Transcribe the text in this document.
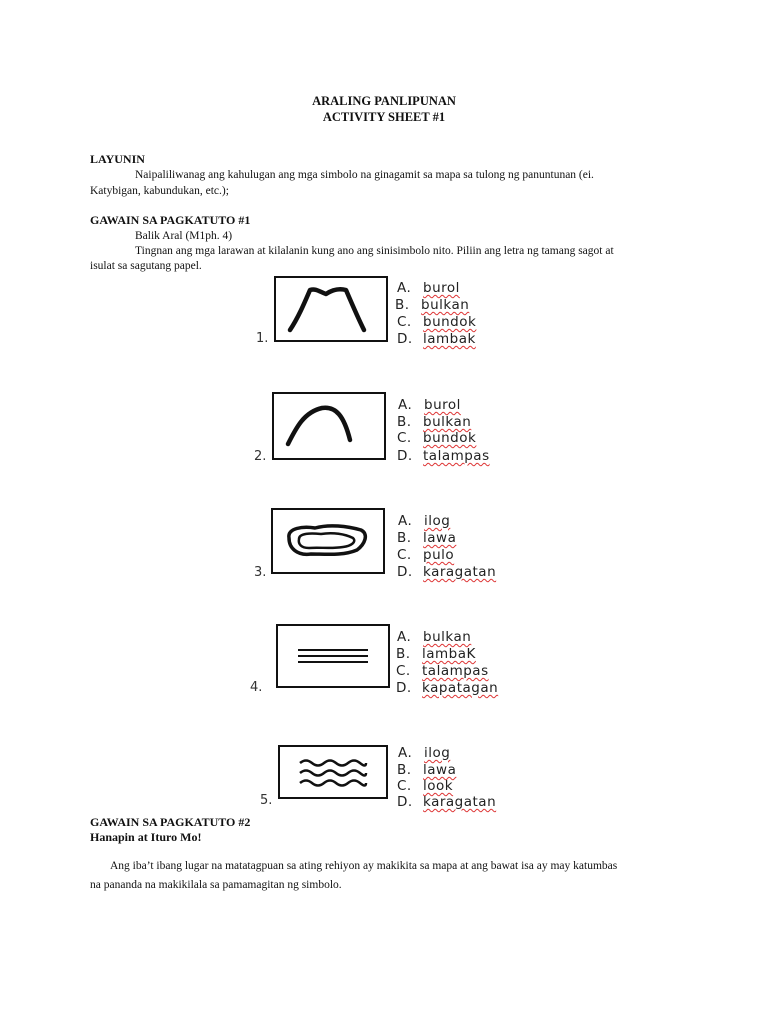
ARALING PANLIPUNAN
ACTIVITY SHEET #1
LAYUNIN
Naipaliliwanag ang kahulugan ang mga simbolo na ginagamit sa mapa sa tulong ng panuntunan (ei.
Katybigan, kabundukan, etc.);
GAWAIN SA PAGKATUTO #1
Balik Aral (M1ph. 4)
Tingnan ang mga larawan at kilalanin kung ano ang sinisimbolo nito. Piliin ang letra ng tamang sagot at
isulat sa sagutang papel.
1.
A. burol
B. bulkan
C. bundok
D. lambak
2.
A. burol
B. bulkan
C. bundok
D. talampas
3.
A. ilog
B. lawa
C. pulo
D. karagatan
4.
A. bulkan
B. lambaK
C. talampas
D. kapatagan
5.
A. ilog
B. lawa
C. look
D. karagatan
GAWAIN SA PAGKATUTO #2
Hanapin at Ituro Mo!
Ang iba’t ibang lugar na matatagpuan sa ating rehiyon ay makikita sa mapa at ang bawat isa ay may katumbas
na pananda na makikilala sa pamamagitan ng simbolo.
